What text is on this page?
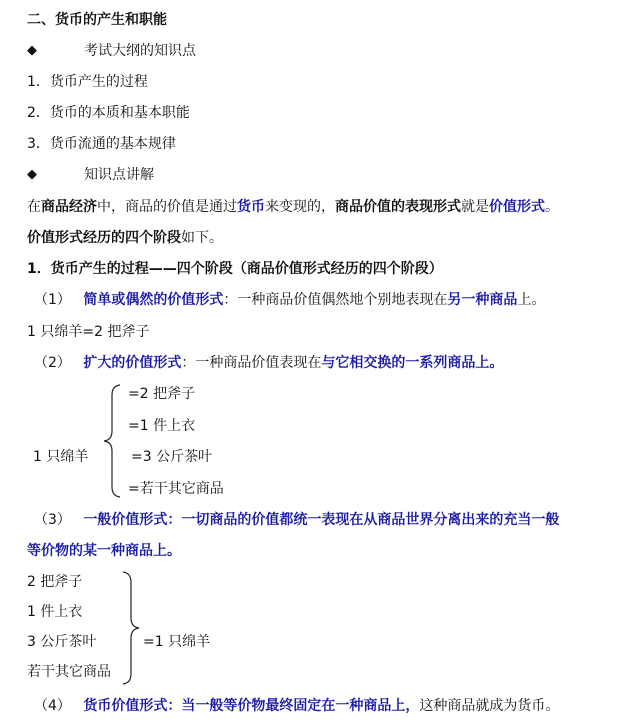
二、货币的产生和职能
◆	考试大纲的知识点
1．货币产生的过程
2．货币的本质和基本职能
3．货币流通的基本规律
◆	知识点讲解
在商品经济中，商品的价值是通过货币来变现的，商品价值的表现形式就是价值形式。
价值形式经历的四个阶段如下。
1．货币产生的过程——四个阶段（商品价值形式经历的四个阶段）
（1） 简单或偶然的价值形式：一种商品价值偶然地个别地表现在另一种商品上。
1 只绵羊=2 把斧子
（2） 扩大的价值形式：一种商品价值表现在与它相交换的一系列商品上。
1 只绵羊
=2 把斧子
=1 件上衣
=3 公斤茶叶
=若干其它商品
（3） 一般价值形式：一切商品的价值都统一表现在从商品世界分离出来的充当一般
等价物的某一种商品上。
2 把斧子
1 件上衣
3 公斤茶叶
若干其它商品
=1 只绵羊
（4） 货币价值形式：当一般等价物最终固定在一种商品上，这种商品就成为货币。
